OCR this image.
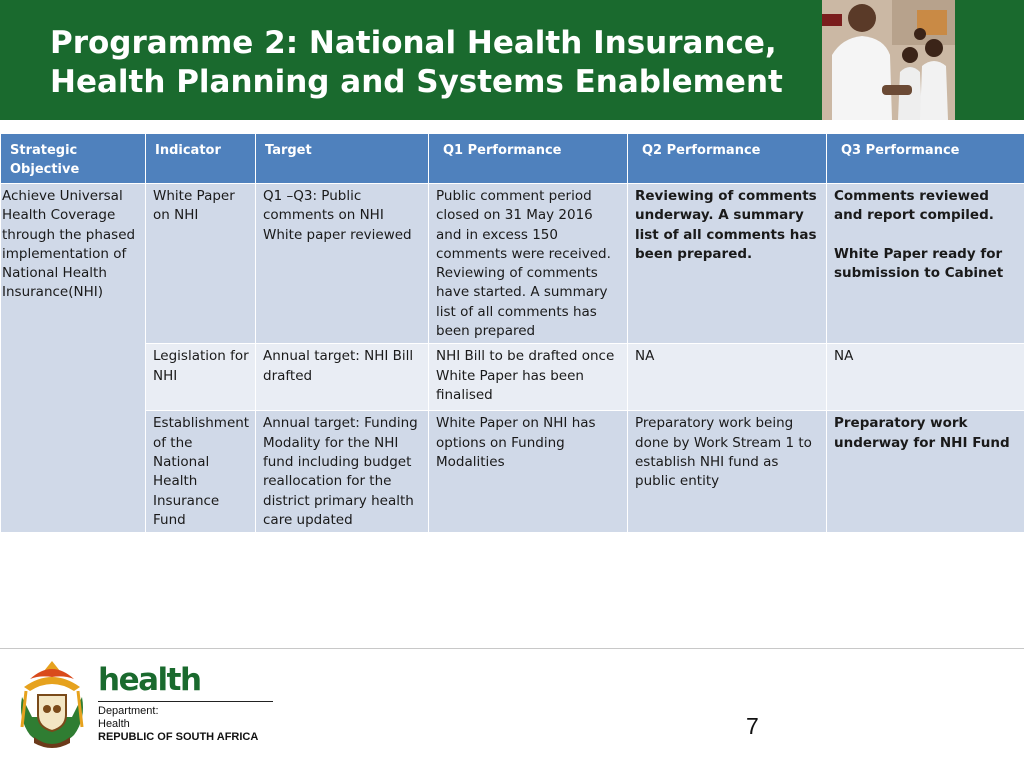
Programme 2: National Health Insurance,
Health Planning and Systems Enablement
Strategic Objective	Indicator	Target	Q1 Performance	Q2 Performance	Q3 Performance
Achieve Universal Health Coverage through the phased implementation of National Health Insurance(NHI)	White Paper on NHI	Q1 –Q3: Public comments on NHI White paper reviewed	Public comment period closed on 31 May 2016 and in excess 150 comments were received. Reviewing of comments have started. A summary list of all comments has been prepared	Reviewing of comments underway. A summary list of all comments has been prepared.	Comments reviewed and report compiled.
White Paper ready for submission to Cabinet

	Legislation for NHI	Annual target: NHI Bill drafted	NHI Bill to be drafted once White Paper has been finalised	NA	NA
	Establishment of the National Health Insurance Fund	Annual target: Funding Modality for the NHI fund including budget reallocation for the district primary health care updated	White Paper on NHI has options on Funding Modalities	Preparatory work being done by Work Stream 1 to establish NHI fund as public entity	Preparatory work underway for NHI Fund
health
Department:
Health
REPUBLIC OF SOUTH AFRICA	7
